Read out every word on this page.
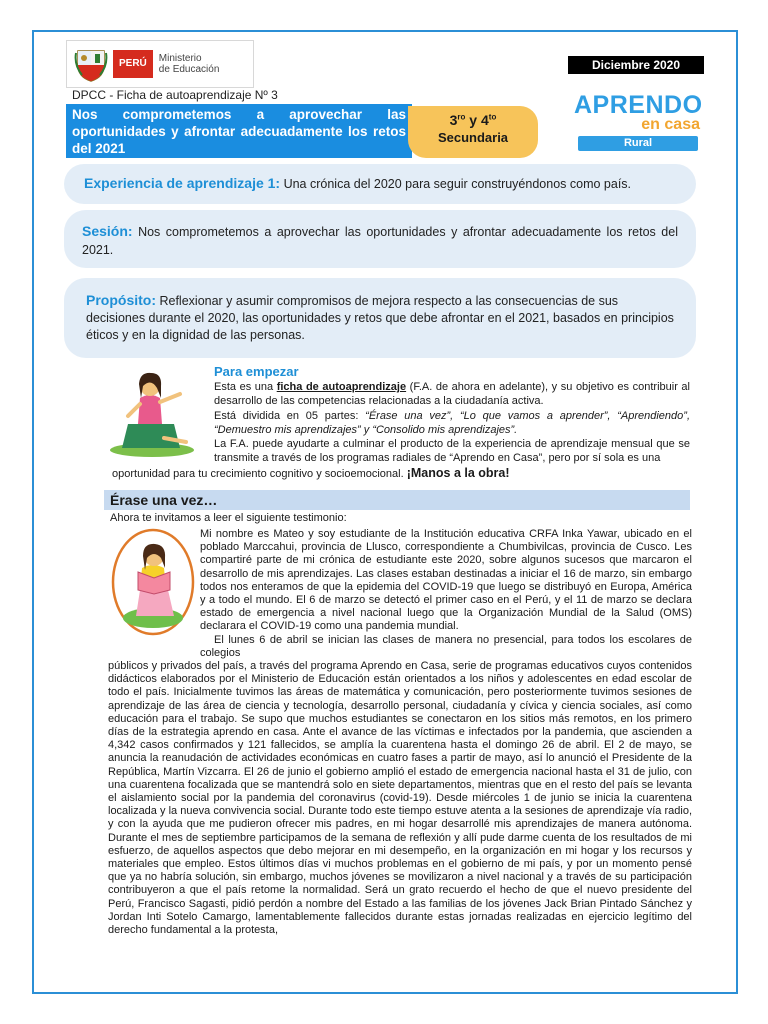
PERÚ	Ministerio
de Educación	Diciembre 2020
DPCC - Ficha de autoaprendizaje Nº 3
Nos comprometemos a aprovechar las oportunidades y afrontar adecuadamente los retos del 2021
$3^{ro}$ y $4^{to}$
Secundaria
APRENDO
en casa
Rural
Experiencia de aprendizaje 1: Una crónica del 2020 para seguir construyéndonos como país.
Sesión: Nos comprometemos a aprovechar las oportunidades y afrontar adecuadamente los retos del 2021.
Propósito: Reflexionar y asumir compromisos de mejora respecto a las consecuencias de sus decisiones durante el 2020, las oportunidades y retos que debe afrontar en el 2021, basados en principios éticos y en la dignidad de las personas.
Para empezar

Esta es una ficha de autoaprendizaje (F.A. de ahora en adelante), y su objetivo es contribuir al desarrollo de las competencias relacionadas a la ciudadanía activa.

Está dividida en 05 partes: “Érase una vez”, “Lo que vamos a aprender”, “Aprendiendo”, “Demuestro mis aprendizajes” y “Consolido mis aprendizajes”.

La F.A. puede ayudarte a culminar el producto de la experiencia de aprendizaje mensual que se transmite a través de los programas radiales de “Aprendo en Casa”, pero por sí sola es una

oportunidad para tu crecimiento cognitivo y socioemocional. ¡Manos a la obra!

Érase una vez…
Ahora te invitamos a leer el siguiente testimonio:

Mi nombre es Mateo y soy estudiante de la Institución educativa CRFA Inka Yawar, ubicado en el poblado Marccahui, provincia de Llusco, correspondiente a Chumbivilcas, provincia de Cusco. Les compartiré parte de mi crónica de estudiante este 2020, sobre algunos sucesos que marcaron el desarrollo de mis aprendizajes. Las clases estaban destinadas a iniciar el 16 de marzo, sin embargo todos nos enteramos de que la epidemia del COVID-19 que luego se distribuyó en Europa, América y a todo el mundo. El 6 de marzo se detectó el primer caso en el Perú, y el 11 de marzo se declara estado de emergencia a nivel nacional luego que la Organización Mundial de la Salud (OMS) declarara el COVID-19 como una pandemia mundial.

El lunes 6 de abril se inician las clases de manera no presencial, para todos los escolares de colegios

públicos y privados del país, a través del programa Aprendo en Casa, serie de programas educativos cuyos contenidos didácticos elaborados por el Ministerio de Educación están orientados a los niños y adolescentes en edad escolar de todo el país. Inicialmente tuvimos las áreas de matemática y comunicación, pero posteriormente tuvimos sesiones de aprendizaje de las área de ciencia y tecnología, desarrollo personal, ciudadanía y cívica y ciencia sociales, así como educación para el trabajo. Se supo que muchos estudiantes se conectaron en los sitios más remotos, en los primero días de la estrategia aprendo en casa. Ante el avance de las víctimas e infectados por la pandemia, que ascienden a 4,342 casos confirmados y 121 fallecidos, se amplía la cuarentena hasta el domingo 26 de abril. El 2 de mayo, se anuncia la reanudación de actividades económicas en cuatro fases a partir de mayo, así lo anunció el Presidente de la República, Martín Vizcarra. El 26 de junio el gobierno amplió el estado de emergencia nacional hasta el 31 de julio, con una cuarentena focalizada que se mantendrá solo en siete departamentos, mientras que en el resto del país se levanta el aislamiento social por la pandemia del coronavirus (covid-19). Desde miércoles 1 de junio se inicia la cuarentena localizada y la nueva convivencia social. Durante todo este tiempo estuve atenta a la sesiones de aprendizaje vía radio, y con la ayuda que me pudieron ofrecer mis padres, en mi hogar desarrollé mis aprendizajes de manera autónoma. Durante el mes de septiembre participamos de la semana de reflexión y allí pude darme cuenta de los resultados de mi esfuerzo, de aquellos aspectos que debo mejorar en mi desempeño, en la organización en mi hogar y los recursos y materiales que empleo. Estos últimos días vi muchos problemas en el gobierno de mi país, y por un momento pensé que ya no habría solución, sin embargo, muchos jóvenes se movilizaron a nivel nacional y a través de su participación contribuyeron a que el país retome la normalidad. Será un grato recuerdo el hecho de que el nuevo presidente del Perú, Francisco Sagasti, pidió perdón a nombre del Estado a las familias de los jóvenes Jack Brian Pintado Sánchez y Jordan Inti Sotelo Camargo, lamentablemente fallecidos durante estas jornadas realizadas en ejercicio legítimo del derecho fundamental a la protesta,
